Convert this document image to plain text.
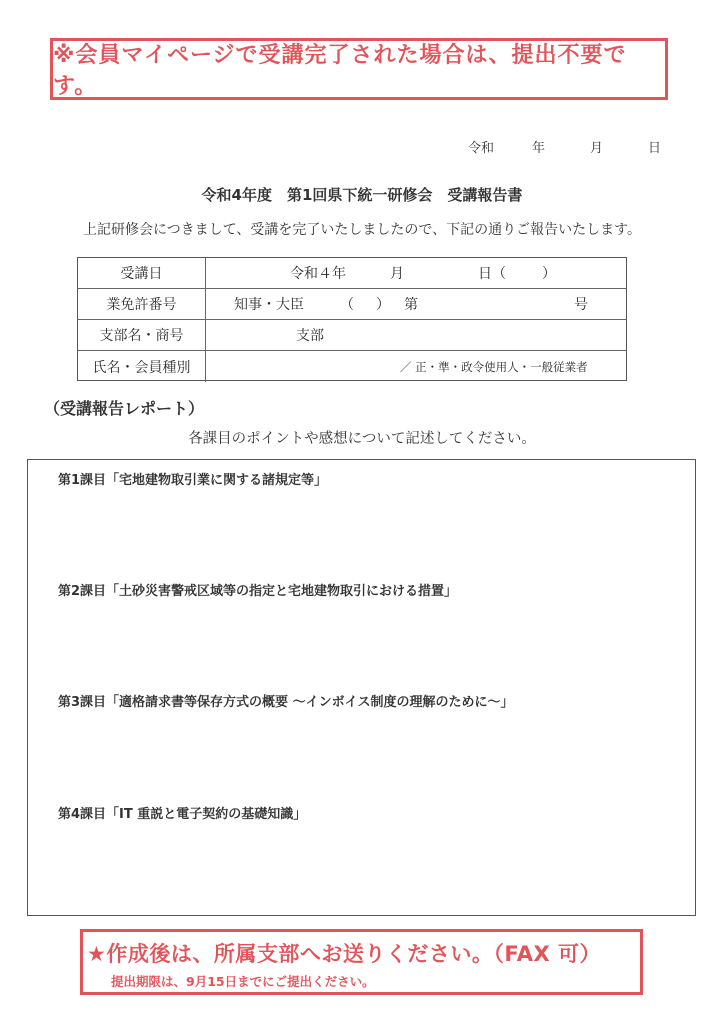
※会員マイページで受講完了された場合は、提出不要です。
令和	年	月	日
令和4年度　第1回県下統一研修会　受講報告書
上記研修会につきまして、受講を完了いたしましたので、下記の通りご報告いたします。
受講日	令和４年	月	日（	）
業免許番号	知事・大臣	（ ） 第	号
支部名・商号	支部
氏名・会員種別	／ 正・準・政令使用人・一般従業者
（受講報告レポート）
各課目のポイントや感想について記述してください。
第1課目「宅地建物取引業に関する諸規定等」
第2課目「土砂災害警戒区域等の指定と宅地建物取引における措置」
第3課目「適格請求書等保存方式の概要 ～インボイス制度の理解のために～」
第4課目「IT 重説と電子契約の基礎知識」
★作成後は、所属支部へお送りください。（FAX 可）
提出期限は、9月15日までにご提出ください。
